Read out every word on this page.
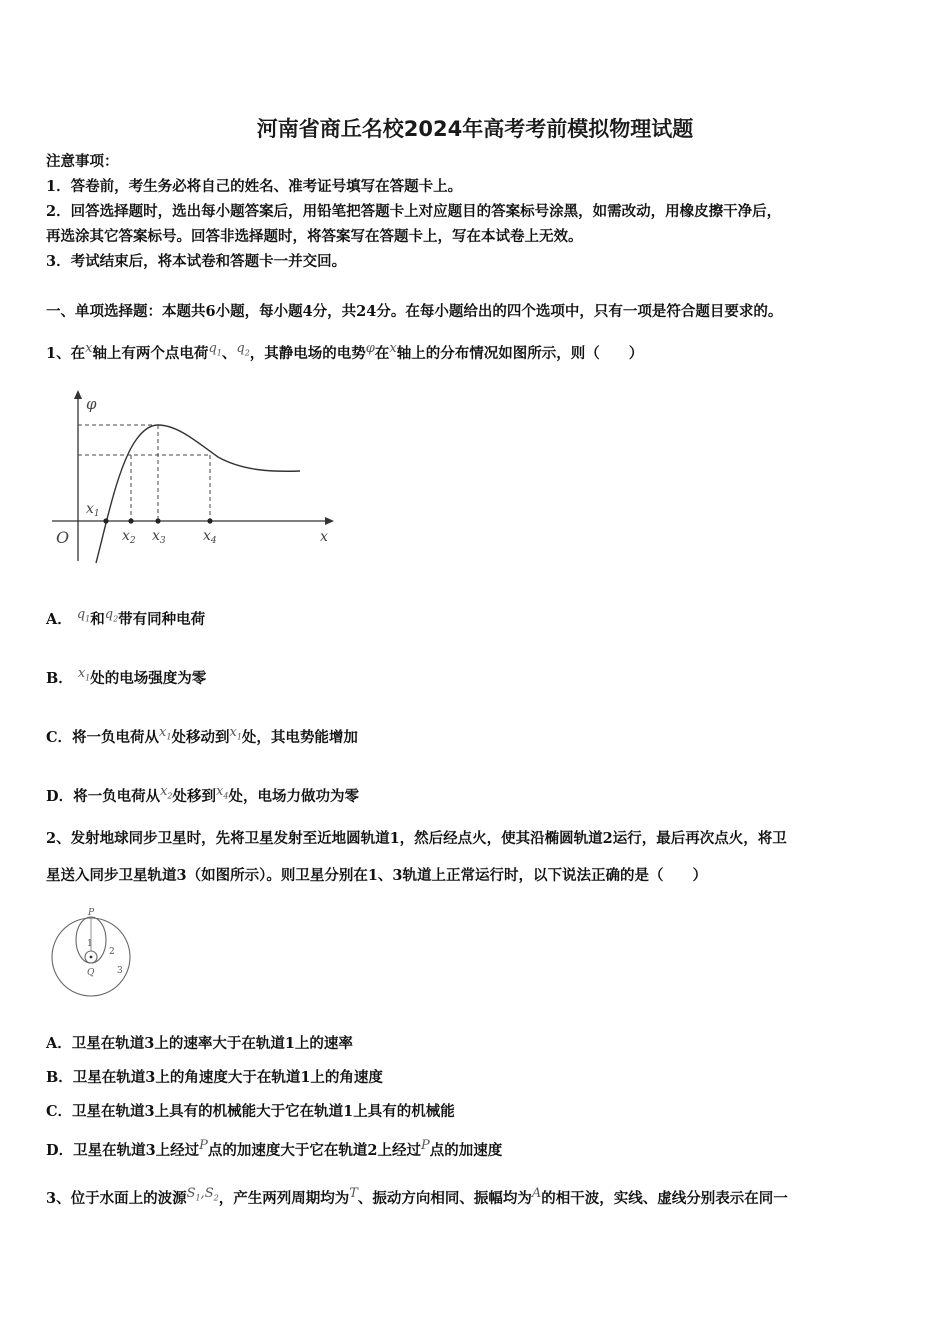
河南省商丘名校2024年高考考前模拟物理试题
注意事项：
1．答卷前，考生务必将自己的姓名、准考证号填写在答题卡上。
2．回答选择题时，选出每小题答案后，用铅笔把答题卡上对应题目的答案标号涂黑，如需改动，用橡皮擦干净后，
再选涂其它答案标号。回答非选择题时，将答案写在答题卡上，写在本试卷上无效。
3．考试结束后，将本试卷和答题卡一并交回。
一、单项选择题：本题共6小题，每小题4分，共24分。在每小题给出的四个选项中，只有一项是符合题目要求的。
1、在x轴上有两个点电荷$q_1$、$q_2$，其静电场的电势φ在x轴上的分布情况如图所示，则（　　）
φ
O	x
$x_1$
$x_2$ $x_3$	$x_4$
A． $q_1$和$q_2$带有同种电荷
B． $x_1$处的电场强度为零
C．将一负电荷从$x_1$处移动到$x_1$处，其电势能增加
D．将一负电荷从$x_2$处移到$x_4$处，电场力做功为零
2、发射地球同步卫星时，先将卫星发射至近地圆轨道1，然后经点火，使其沿椭圆轨道2运行，最后再次点火，将卫
星送入同步卫星轨道3（如图所示）。则卫星分别在1、3轨道上正常运行时，以下说法正确的是（　　）
P
Q
1
2
3
A．卫星在轨道3上的速率大于在轨道1上的速率
B．卫星在轨道3上的角速度大于在轨道1上的角速度
C．卫星在轨道3上具有的机械能大于它在轨道1上具有的机械能
D．卫星在轨道3上经过P点的加速度大于它在轨道2上经过P点的加速度
3、位于水面上的波源$S_1,S_2$，产生两列周期均为T、振动方向相同、振幅均为A的相干波，实线、虚线分别表示在同一
